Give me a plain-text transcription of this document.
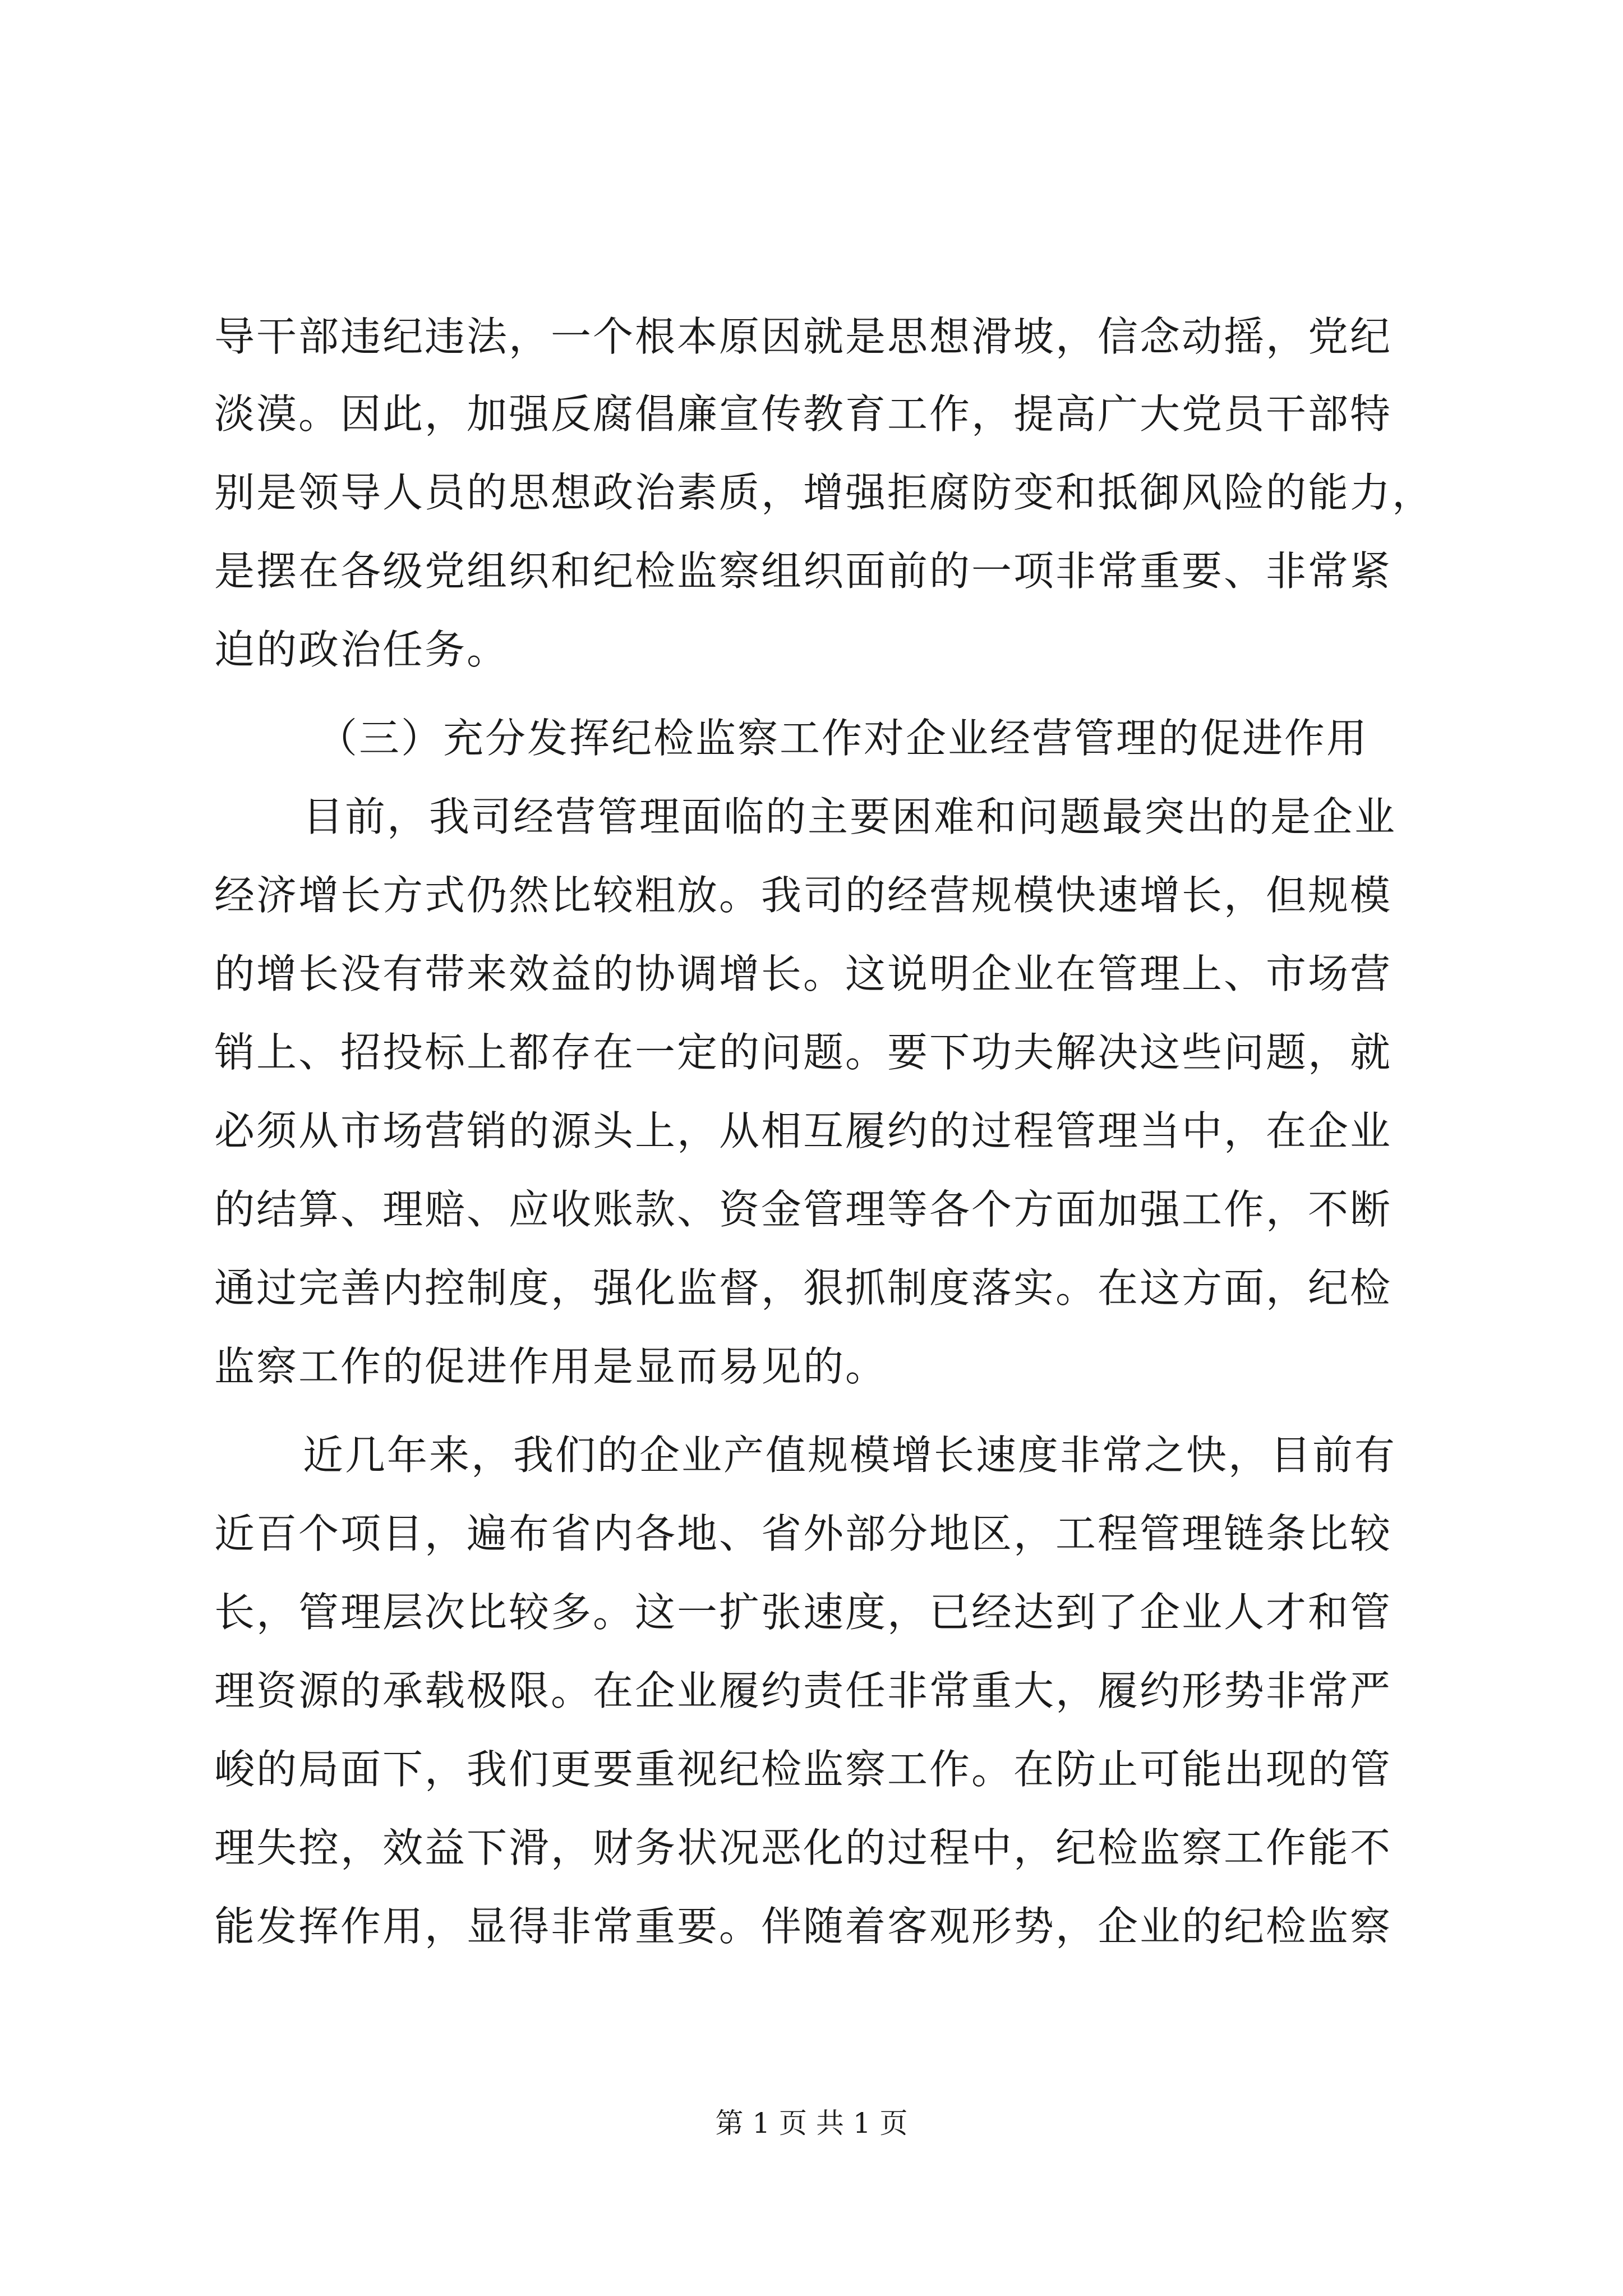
导干部违纪违法，一个根本原因就是思想滑坡，信念动摇，党纪
淡漠。因此，加强反腐倡廉宣传教育工作，提高广大党员干部特
别是领导人员的思想政治素质，增强拒腐防变和抵御风险的能力，
是摆在各级党组织和纪检监察组织面前的一项非常重要、非常紧
迫的政治任务。
（三）充分发挥纪检监察工作对企业经营管理的促进作用
目前，我司经营管理面临的主要困难和问题最突出的是企业
经济增长方式仍然比较粗放。我司的经营规模快速增长，但规模
的增长没有带来效益的协调增长。这说明企业在管理上、市场营
销上、招投标上都存在一定的问题。要下功夫解决这些问题，就
必须从市场营销的源头上，从相互履约的过程管理当中，在企业
的结算、理赔、应收账款、资金管理等各个方面加强工作，不断
通过完善内控制度，强化监督，狠抓制度落实。在这方面，纪检
监察工作的促进作用是显而易见的。
近几年来，我们的企业产值规模增长速度非常之快，目前有
近百个项目，遍布省内各地、省外部分地区，工程管理链条比较
长，管理层次比较多。这一扩张速度，已经达到了企业人才和管
理资源的承载极限。在企业履约责任非常重大，履约形势非常严
峻的局面下，我们更要重视纪检监察工作。在防止可能出现的管
理失控，效益下滑，财务状况恶化的过程中，纪检监察工作能不
能发挥作用，显得非常重要。伴随着客观形势，企业的纪检监察
第 1 页 共 1 页
